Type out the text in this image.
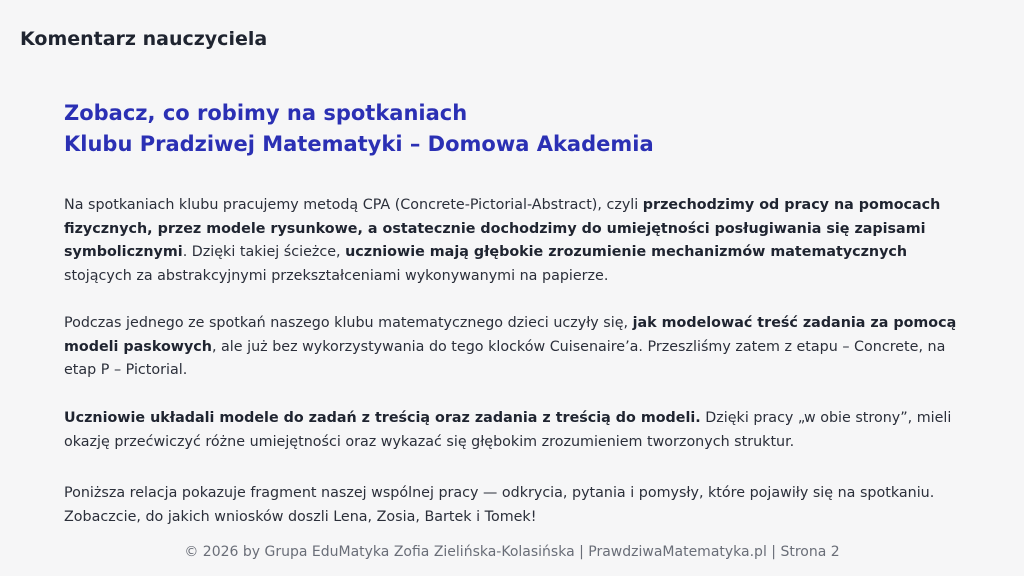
Komentarz nauczyciela
Zobacz, co robimy na spotkaniach
Klubu Pradziwej Matematyki – Domowa Akademia

Na spotkaniach klubu pracujemy metodą CPA (Concrete-Pictorial-Abstract), czyli przechodzimy od pracy na pomocach fizycznych, przez modele rysunkowe, a ostatecznie dochodzimy do umiejętności posługiwania się zapisami symbolicznymi. Dzięki takiej ścieżce, uczniowie mają głębokie zrozumienie mechanizmów matematycznych stojących za abstrakcyjnymi przekształceniami wykonywanymi na papierze.

Podczas jednego ze spotkań naszego klubu matematycznego dzieci uczyły się, jak modelować treść zadania za pomocą modeli paskowych, ale już bez wykorzystywania do tego klocków Cuisenaire’a. Przeszliśmy zatem z etapu – Concrete, na etap P – Pictorial.

Uczniowie układali modele do zadań z treścią oraz zadania z treścią do modeli. Dzięki pracy „w obie strony”, mieli okazję przećwiczyć różne umiejętności oraz wykazać się głębokim zrozumieniem tworzonych struktur.

Poniższa relacja pokazuje fragment naszej wspólnej pracy — odkrycia, pytania i pomysły, które pojawiły się na spotkaniu. Zobaczcie, do jakich wniosków doszli Lena, Zosia, Bartek i Tomek!

© 2026 by Grupa EduMatyka Zofia Zielińska-Kolasińska | PrawdziwaMatematyka.pl | Strona 2
